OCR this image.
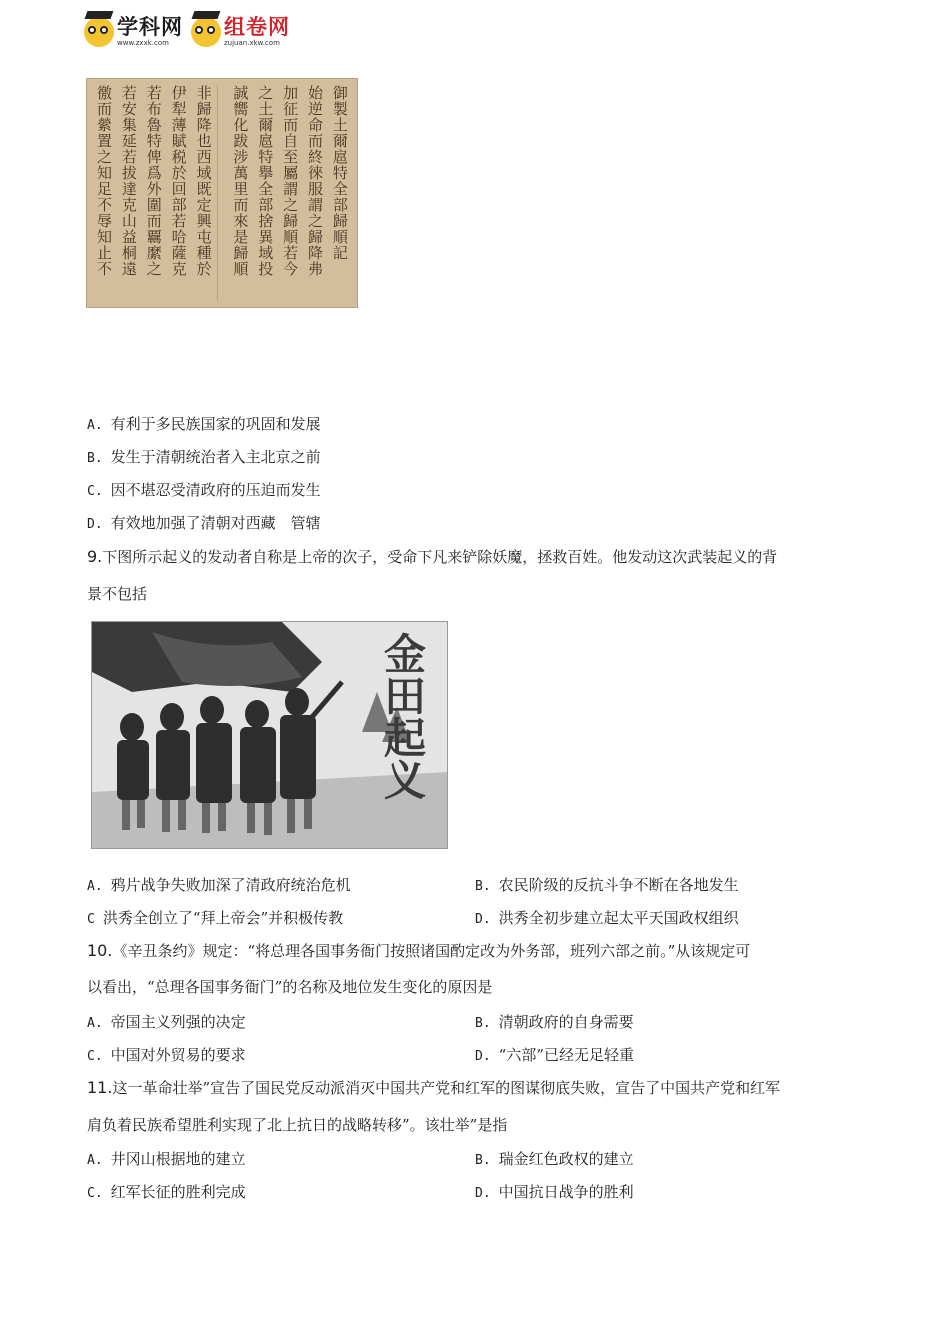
学科网
www.zxxk.com
组卷网
zujuan.xkw.com
御製土爾扈特全部歸順記
始逆命而終徠服謂之歸降弗
加征而自至屬謂之歸順若今
之土爾扈特擧全部捨異域投
誠嚮化跋涉萬里而來是歸順
非歸降也西域既定興屯種於
伊犁薄賦税於回部若哈薩克
若布魯特俾爲外圍而覊縻之
若安集延若拔達克山益桐遠
徼而縈置之知足不辱知止不
A. 有利于多民族国家的巩固和发展
B. 发生于清朝统治者入主北京之前
C. 因不堪忍受清政府的压迫而发生
D. 有效地加强了清朝对西藏　管辖
9.下图所示起义的发动者自称是上帝的次子，受命下凡来铲除妖魔，拯救百姓。他发动这次武装起义的背
景不包括
金田起义
A. 鸦片战争失败加深了清政府统治危机	B. 农民阶级的反抗斗争不断在各地发生
C 洪秀全创立了“拜上帝会”并积极传教	D. 洪秀全初步建立起太平天国政权组织
10.《辛丑条约》规定：“将总理各国事务衙门按照诸国酌定改为外务部，班列六部之前。”从该规定可
以看出，“总理各国事务衙门”的名称及地位发生变化的原因是
A. 帝国主义列强的决定	B. 清朝政府的自身需要
C. 中国对外贸易的要求	D. “六部”已经无足轻重
11.这一革命壮举”宣告了国民党反动派消灭中国共产党和红军的图谋彻底失败，宣告了中国共产党和红军
肩负着民族希望胜利实现了北上抗日的战略转移”。该壮举”是指
A. 井冈山根据地的建立	B. 瑞金红色政权的建立
C. 红军长征的胜利完成	D. 中国抗日战争的胜利
